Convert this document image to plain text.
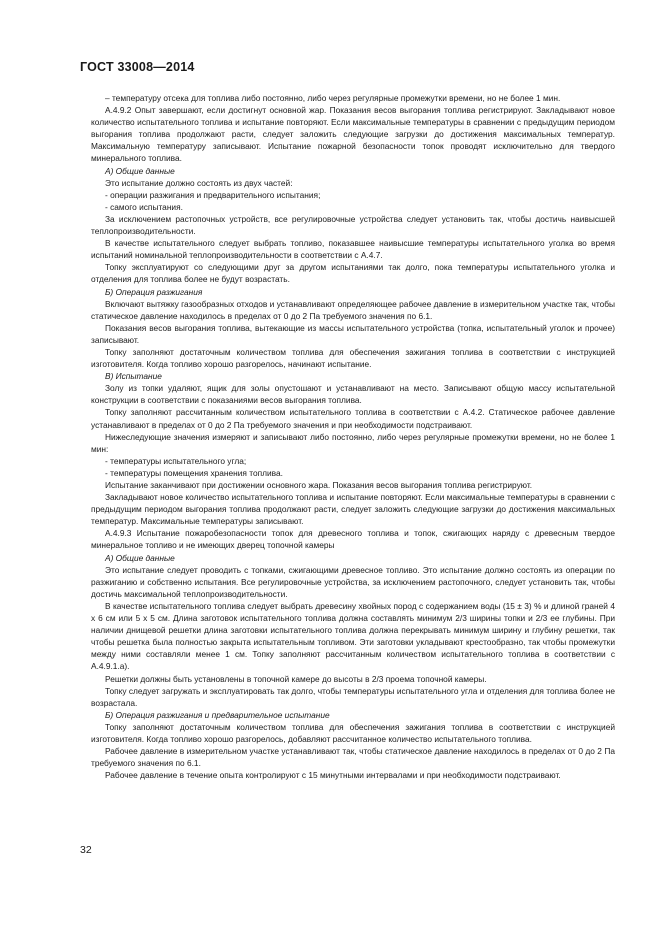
ГОСТ 33008—2014

– температуру отсека для топлива либо постоянно, либо через регулярные промежутки времени, но не более 1 мин.

А.4.9.2 Опыт завершают, если достигнут основной жар. Показания весов выгорания топлива регистрируют. Закладывают новое количество испытательного топлива и испытание повторяют. Если максимальные температуры в сравнении с предыдущим периодом выгорания топлива продолжают расти, следует заложить следующие загрузки до достижения максимальных температур. Максимальную температуру записывают. Испытание пожарной безопасности топок проводят исключительно для твердого минерального топлива.

А) Общие данные

Это испытание должно состоять из двух частей:

- операции разжигания и предварительного испытания;

- самого испытания.

За исключением растопочных устройств, все регулировочные устройства следует установить так, чтобы достичь наивысшей теплопроизводительности.

В качестве испытательного следует выбрать топливо, показавшее наивысшие температуры испытательного уголка во время испытаний номинальной теплопроизводительности в соответствии с А.4.7.

Топку эксплуатируют со следующими друг за другом испытаниями так долго, пока температуры испытательного уголка и отделения для топлива более не будут возрастать.

Б) Операция разжигания

Включают вытяжку газообразных отходов и устанавливают определяющее рабочее давление в измерительном участке так, чтобы статическое давление находилось в пределах от 0 до 2 Па требуемого значения по 6.1.

Показания весов выгорания топлива, вытекающие из массы испытательного устройства (топка, испытательный уголок и прочее) записывают.

Топку заполняют достаточным количеством топлива для обеспечения зажигания топлива в соответствии с инструкцией изготовителя. Когда топливо хорошо разгорелось, начинают испытание.

В) Испытание

Золу из топки удаляют, ящик для золы опустошают и устанавливают на место. Записывают общую массу испытательной конструкции в соответствии с показаниями весов выгорания топлива.

Топку заполняют рассчитанным количеством испытательного топлива в соответствии с А.4.2. Статическое рабочее давление устанавливают в пределах от 0 до 2 Па требуемого значения и при необходимости подстраивают.

Нижеследующие значения измеряют и записывают либо постоянно, либо через регулярные промежутки времени, но не более 1 мин:

- температуры испытательного угла;

- температуры помещения хранения топлива.

Испытание заканчивают при достижении основного жара. Показания весов выгорания топлива регистрируют.

Закладывают новое количество испытательного топлива и испытание повторяют. Если максимальные температуры в сравнении с предыдущим периодом выгорания топлива продолжают расти, следует заложить следующие загрузки до достижения максимальных температур. Максимальные температуры записывают.

А.4.9.3 Испытание пожаробезопасности топок для древесного топлива и топок, сжигающих наряду с древесным твердое минеральное топливо и не имеющих дверец топочной камеры

А) Общие данные

Это испытание следует проводить с топками, сжигающими древесное топливо. Это испытание должно состоять из операции по разжиганию и собственно испытания. Все регулировочные устройства, за исключением растопочного, следует установить так, чтобы достичь максимальной теплопроизводительности.

В качестве испытательного топлива следует выбрать древесину хвойных пород с содержанием воды (15 ± 3) % и длиной граней 4 х 6 см или 5 х 5 см. Длина заготовок испытательного топлива должна составлять минимум 2/3 ширины топки и 2/3 ее глубины. При наличии днищевой решетки длина заготовки испытательного топлива должна перекрывать минимум ширину и глубину решетки, так чтобы решетка была полностью закрыта испытательным топливом. Эти заготовки укладывают крестообразно, так чтобы промежутки между ними составляли менее 1 см. Топку заполняют рассчитанным количеством испытательного топлива в соответствии с А.4.9.1.а).

Решетки должны быть установлены в топочной камере до высоты в 2/3 проема топочной камеры.

Топку следует загружать и эксплуатировать так долго, чтобы температуры испытательного угла и отделения для топлива более не возрастала.

Б) Операция разжигания и предварительное испытание

Топку заполняют достаточным количеством топлива для обеспечения зажигания топлива в соответствии с инструкцией изготовителя. Когда топливо хорошо разгорелось, добавляют рассчитанное количество испытательного топлива.

Рабочее давление в измерительном участке устанавливают так, чтобы статическое давление находилось в пределах от 0 до 2 Па требуемого значения по 6.1.

Рабочее давление в течение опыта контролируют с 15 минутными интервалами и при необходимости подстраивают.

32
